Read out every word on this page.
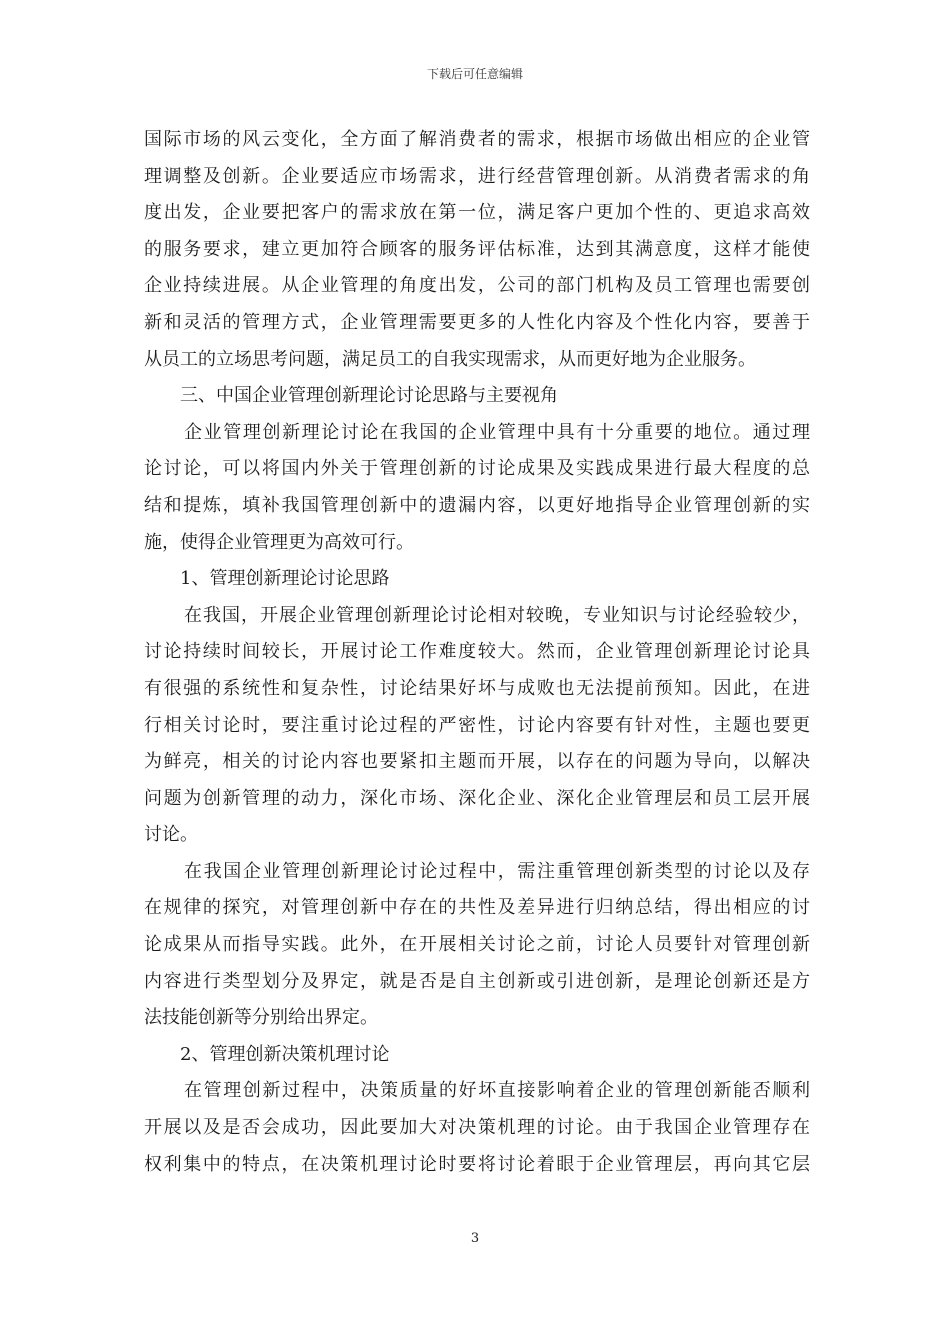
下载后可任意编辑
国际市场的风云变化，全方面了解消费者的需求，根据市场做出相应的企业管
理调整及创新。企业要适应市场需求，进行经营管理创新。从消费者需求的角
度出发，企业要把客户的需求放在第一位，满足客户更加个性的、更追求高效
的服务要求，建立更加符合顾客的服务评估标准，达到其满意度，这样才能使
企业持续进展。从企业管理的角度出发，公司的部门机构及员工管理也需要创
新和灵活的管理方式，企业管理需要更多的人性化内容及个性化内容，要善于
从员工的立场思考问题，满足员工的自我实现需求，从而更好地为企业服务。
三、中国企业管理创新理论讨论思路与主要视角
企业管理创新理论讨论在我国的企业管理中具有十分重要的地位。通过理
论讨论，可以将国内外关于管理创新的讨论成果及实践成果进行最大程度的总
结和提炼，填补我国管理创新中的遗漏内容，以更好地指导企业管理创新的实
施，使得企业管理更为高效可行。
1、管理创新理论讨论思路
在我国，开展企业管理创新理论讨论相对较晚，专业知识与讨论经验较少，
讨论持续时间较长，开展讨论工作难度较大。然而，企业管理创新理论讨论具
有很强的系统性和复杂性，讨论结果好坏与成败也无法提前预知。因此，在进
行相关讨论时，要注重讨论过程的严密性，讨论内容要有针对性，主题也要更
为鲜亮，相关的讨论内容也要紧扣主题而开展，以存在的问题为导向，以解决
问题为创新管理的动力，深化市场、深化企业、深化企业管理层和员工层开展
讨论。
在我国企业管理创新理论讨论过程中，需注重管理创新类型的讨论以及存
在规律的探究，对管理创新中存在的共性及差异进行归纳总结，得出相应的讨
论成果从而指导实践。此外，在开展相关讨论之前，讨论人员要针对管理创新
内容进行类型划分及界定，就是否是自主创新或引进创新，是理论创新还是方
法技能创新等分别给出界定。
2、管理创新决策机理讨论
在管理创新过程中，决策质量的好坏直接影响着企业的管理创新能否顺利
开展以及是否会成功，因此要加大对决策机理的讨论。由于我国企业管理存在
权利集中的特点，在决策机理讨论时要将讨论着眼于企业管理层，再向其它层
3
